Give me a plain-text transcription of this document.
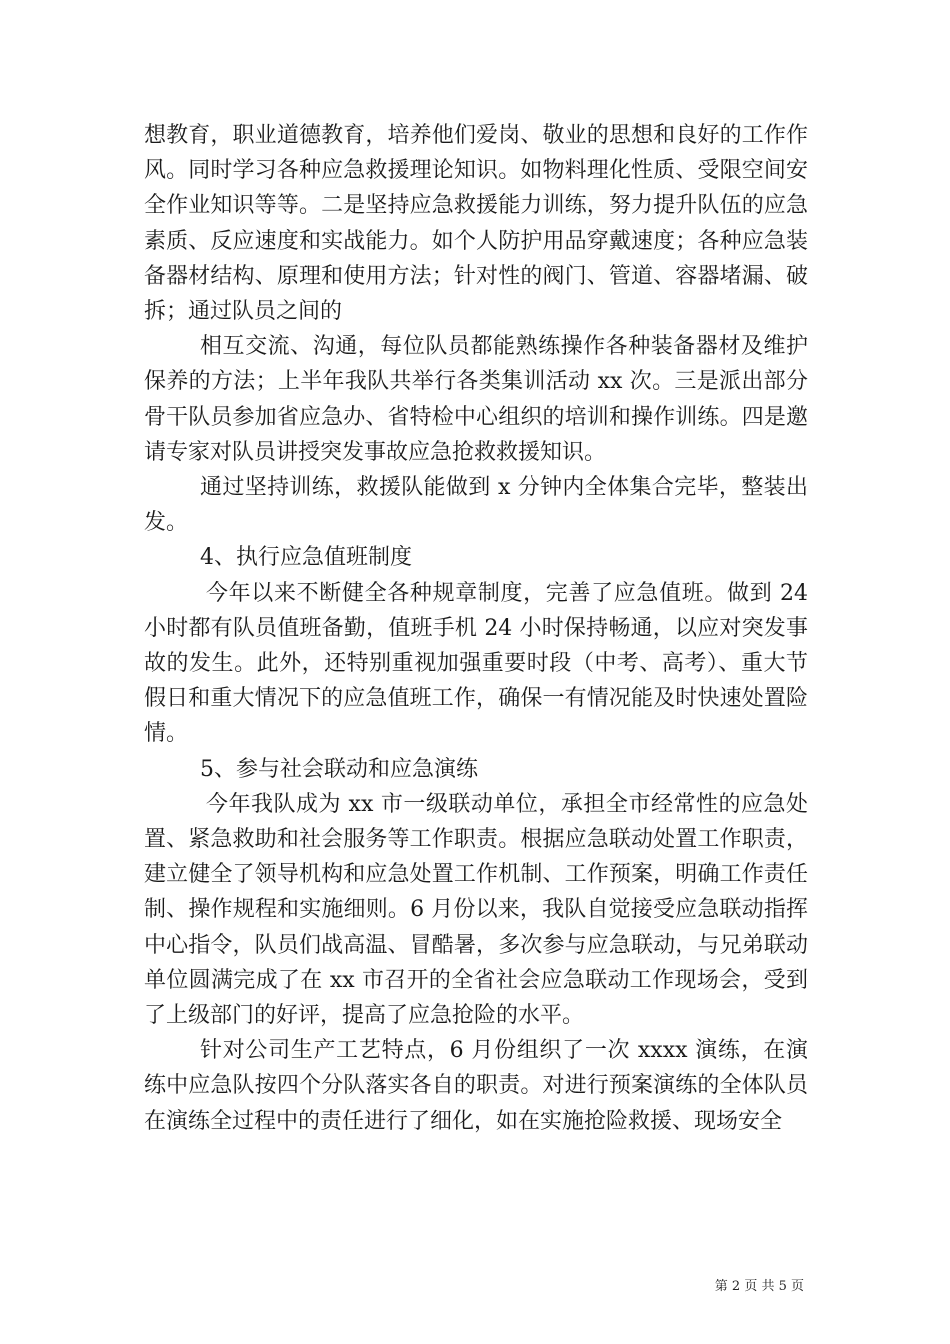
想教育，职业道德教育，培养他们爱岗、敬业的思想和良好的工作作风。同时学习各种应急救援理论知识。如物料理化性质、受限空间安全作业知识等等。二是坚持应急救援能力训练，努力提升队伍的应急素质、反应速度和实战能力。如个人防护用品穿戴速度；各种应急装备器材结构、原理和使用方法；针对性的阀门、管道、容器堵漏、破拆；通过队员之间的

相互交流、沟通，每位队员都能熟练操作各种装备器材及维护保养的方法；上半年我队共举行各类集训活动 xx 次。三是派出部分骨干队员参加省应急办、省特检中心组织的培训和操作训练。四是邀请专家对队员讲授突发事故应急抢救救援知识。

通过坚持训练，救援队能做到 x 分钟内全体集合完毕，整装出发。

4、执行应急值班制度

今年以来不断健全各种规章制度，完善了应急值班。做到 24 小时都有队员值班备勤，值班手机 24 小时保持畅通，以应对突发事故的发生。此外，还特别重视加强重要时段（中考、高考）、重大节假日和重大情况下的应急值班工作，确保一有情况能及时快速处置险情。

5、参与社会联动和应急演练

今年我队成为 xx 市一级联动单位，承担全市经常性的应急处置、紧急救助和社会服务等工作职责。根据应急联动处置工作职责，建立健全了领导机构和应急处置工作机制、工作预案，明确工作责任制、操作规程和实施细则。6 月份以来，我队自觉接受应急联动指挥中心指令，队员们战高温、冒酷暑，多次参与应急联动，与兄弟联动单位圆满完成了在 xx 市召开的全省社会应急联动工作现场会，受到了上级部门的好评，提高了应急抢险的水平。

针对公司生产工艺特点，6 月份组织了一次 xxxx 演练，在演练中应急队按四个分队落实各自的职责。对进行预案演练的全体队员在演练全过程中的责任进行了细化，如在实施抢险救援、现场安全

第 2 页 共 5 页
